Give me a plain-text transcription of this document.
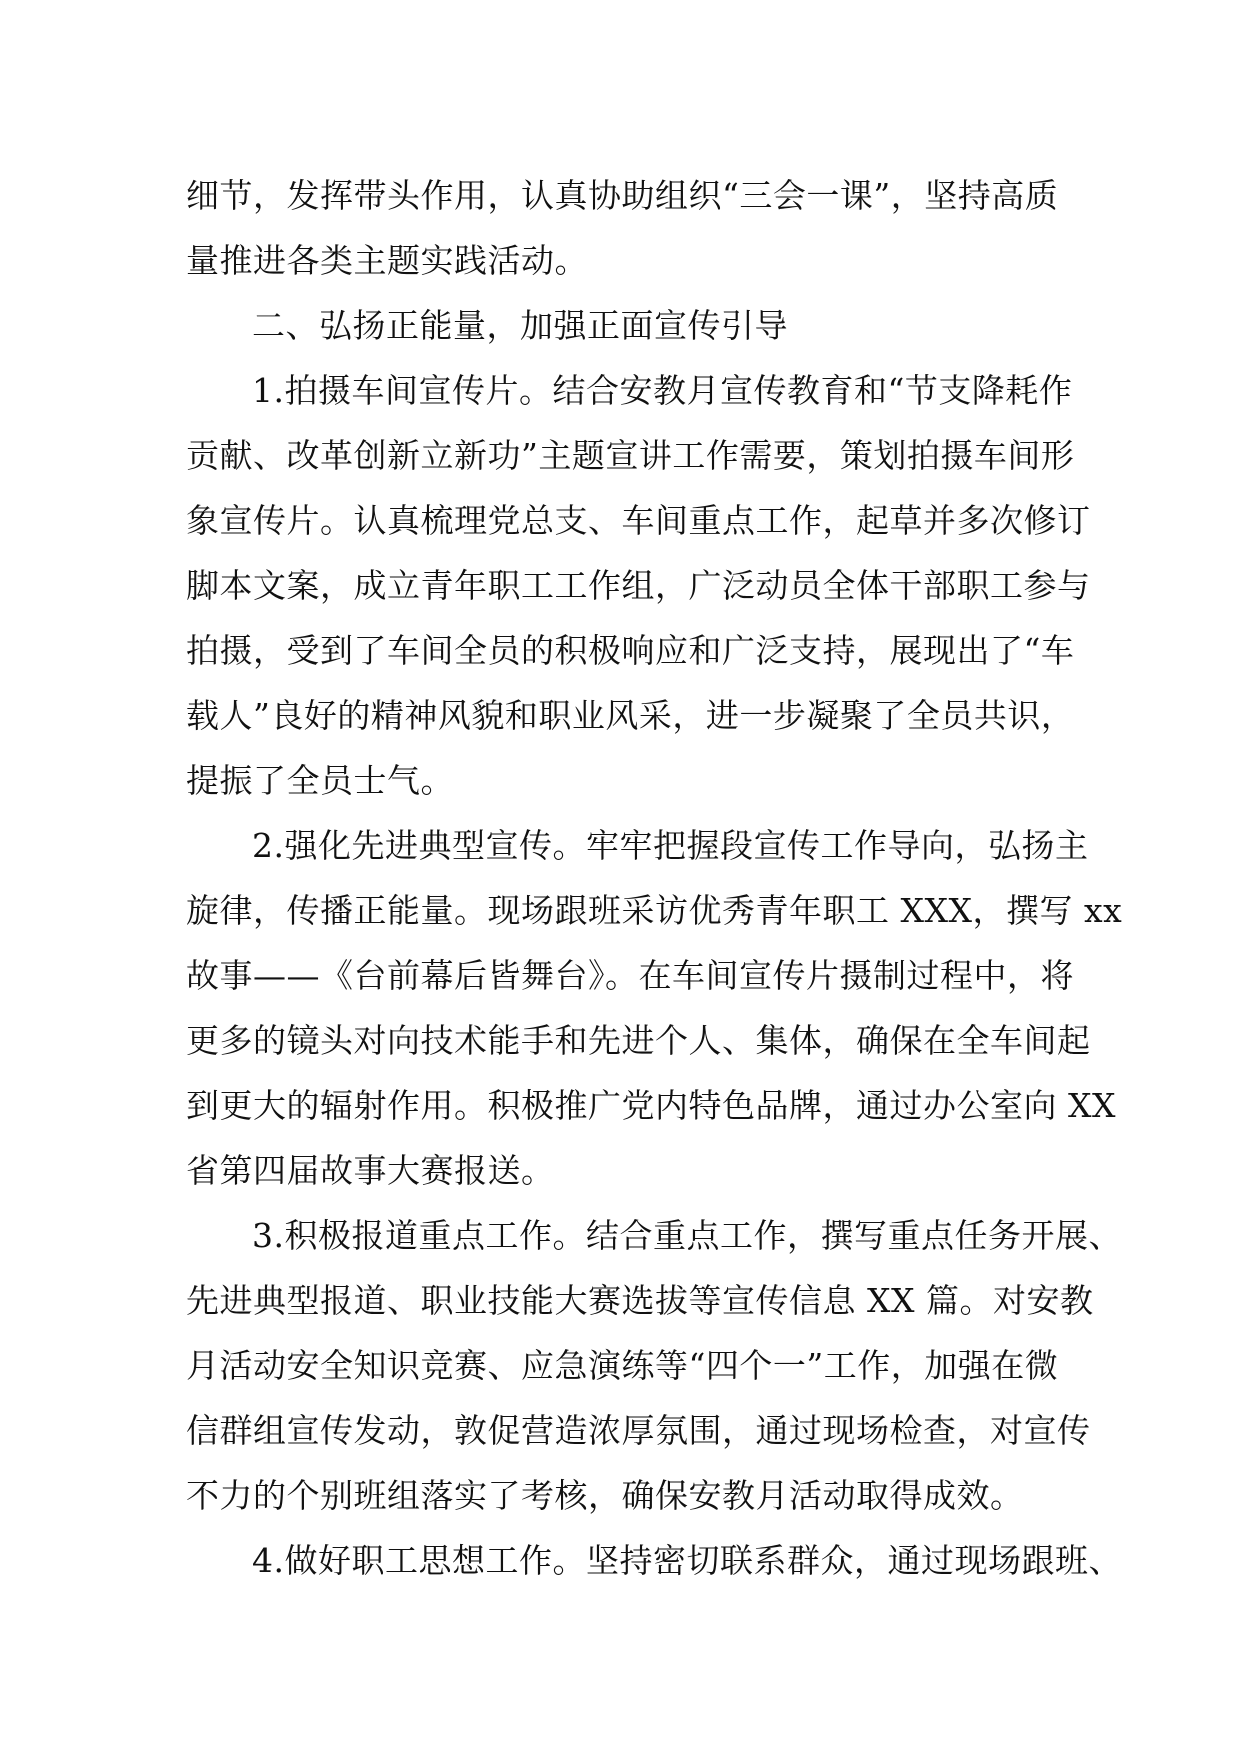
细节，发挥带头作用，认真协助组织“三会一课”，坚持高质
量推进各类主题实践活动。
二、弘扬正能量，加强正面宣传引导
1.拍摄车间宣传片。结合安教月宣传教育和“节支降耗作
贡献、改革创新立新功”主题宣讲工作需要，策划拍摄车间形
象宣传片。认真梳理党总支、车间重点工作，起草并多次修订
脚本文案，成立青年职工工作组，广泛动员全体干部职工参与
拍摄，受到了车间全员的积极响应和广泛支持，展现出了“车
载人”良好的精神风貌和职业风采，进一步凝聚了全员共识，
提振了全员士气。
2.强化先进典型宣传。牢牢把握段宣传工作导向，弘扬主
旋律，传播正能量。现场跟班采访优秀青年职工 XXX，撰写 xx
故事——《台前幕后皆舞台》。在车间宣传片摄制过程中，将
更多的镜头对向技术能手和先进个人、集体，确保在全车间起
到更大的辐射作用。积极推广党内特色品牌，通过办公室向 XX
省第四届故事大赛报送。
3.积极报道重点工作。结合重点工作，撰写重点任务开展、
先进典型报道、职业技能大赛选拔等宣传信息 XX 篇。对安教
月活动安全知识竞赛、应急演练等“四个一”工作，加强在微
信群组宣传发动，敦促营造浓厚氛围，通过现场检查，对宣传
不力的个别班组落实了考核，确保安教月活动取得成效。
4.做好职工思想工作。坚持密切联系群众，通过现场跟班、
